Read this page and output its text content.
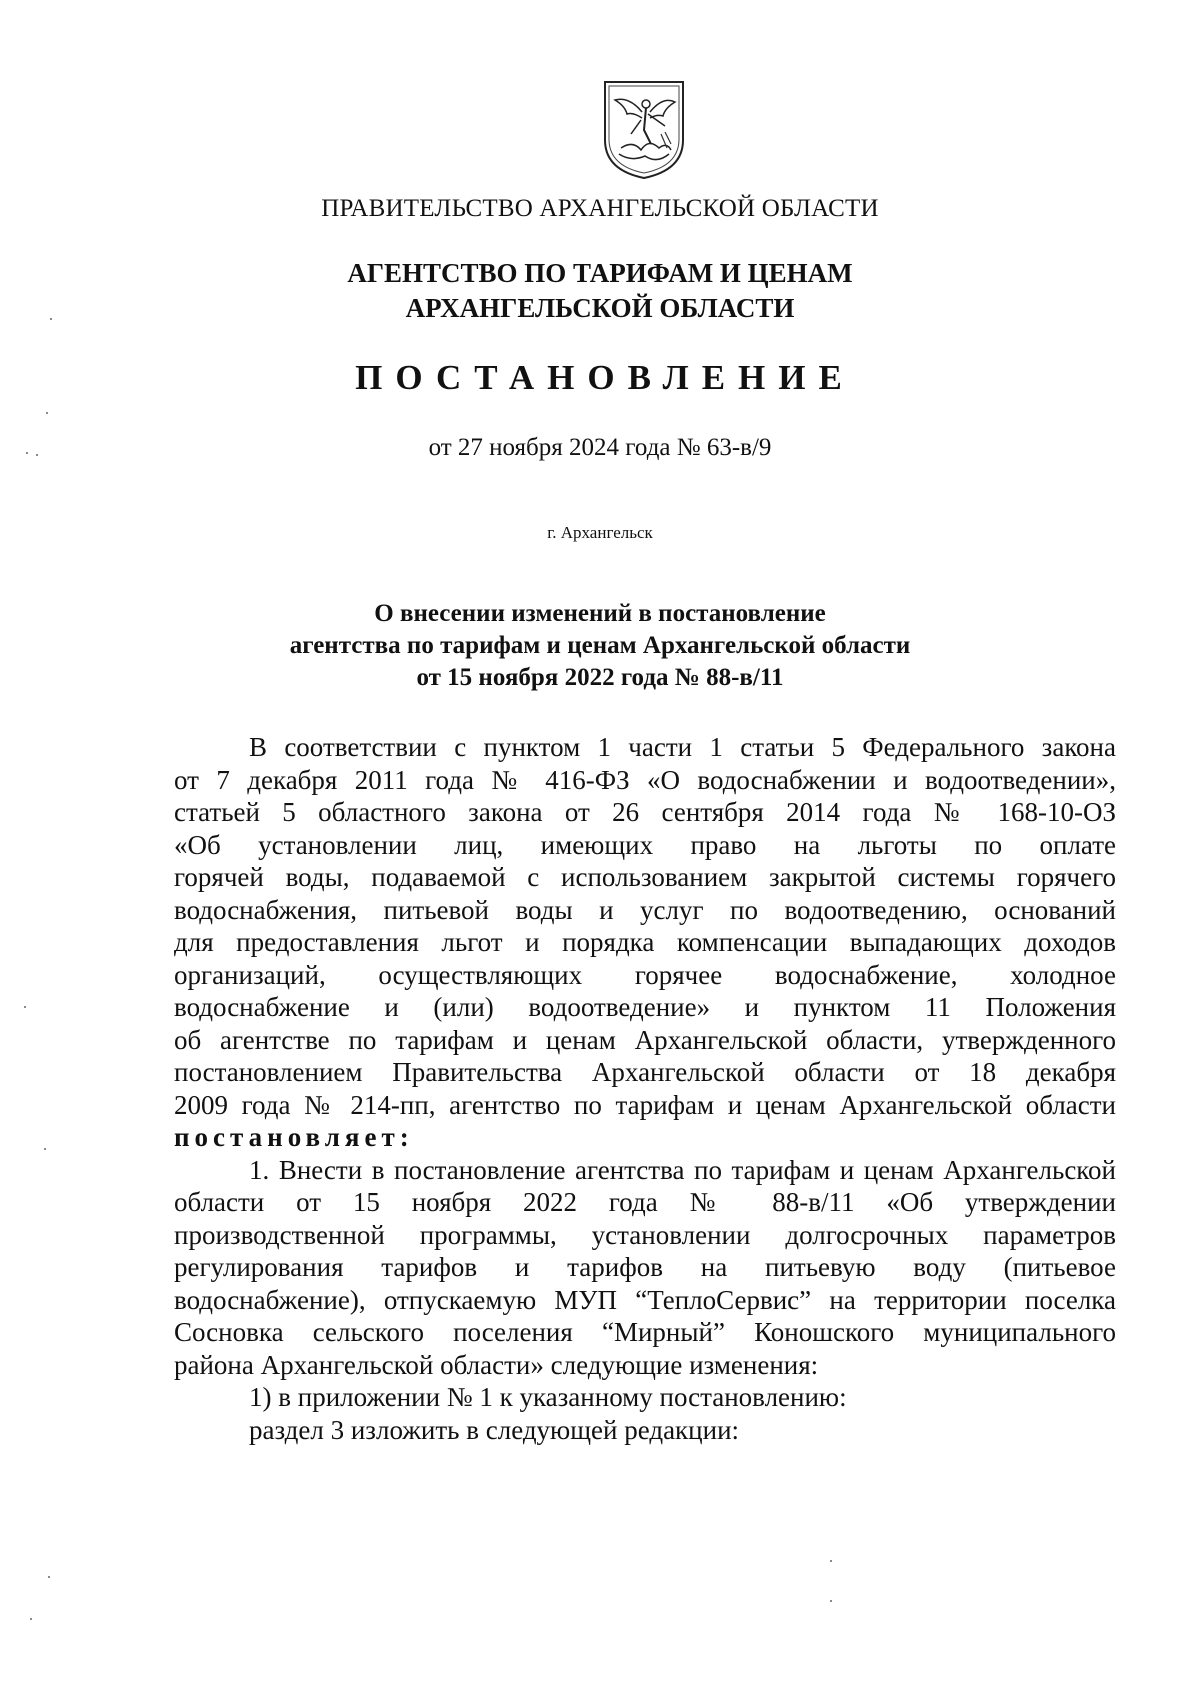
ПРАВИТЕЛЬСТВО АРХАНГЕЛЬСКОЙ ОБЛАСТИ
АГЕНТСТВО ПО ТАРИФАМ И ЦЕНАМ
АРХАНГЕЛЬСКОЙ ОБЛАСТИ
ПОСТАНОВЛЕНИЕ
от 27 ноября 2024 года № 63-в/9
г. Архангельск
О внесении изменений в постановление
агентства по тарифам и ценам Архангельской области
от 15 ноября 2022 года № 88-в/11
В соответствии с пунктом 1 части 1 статьи 5 Федерального закона
от 7 декабря 2011 года № 416-ФЗ «О водоснабжении и водоотведении»,
статьей 5 областного закона от 26 сентября 2014 года № 168-10-ОЗ
«Об установлении лиц, имеющих право на льготы по оплате
горячей воды, подаваемой с использованием закрытой системы горячего
водоснабжения, питьевой воды и услуг по водоотведению, оснований
для предоставления льгот и порядка компенсации выпадающих доходов
организаций, осуществляющих горячее водоснабжение, холодное
водоснабжение и (или) водоотведение» и пунктом 11 Положения
об агентстве по тарифам и ценам Архангельской области, утвержденного
постановлением Правительства Архангельской области от 18 декабря
2009 года № 214-пп, агентство по тарифам и ценам Архангельской области
постановляет:
1. Внести в постановление агентства по тарифам и ценам Архангельской
области от 15 ноября 2022 года № 88-в/11 «Об утверждении
производственной программы, установлении долгосрочных параметров
регулирования тарифов и тарифов на питьевую воду (питьевое
водоснабжение), отпускаемую МУП “ТеплоСервис” на территории поселка
Сосновка сельского поселения “Мирный” Коношского муниципального
района Архангельской области» следующие изменения:
1) в приложении № 1 к указанному постановлению:
раздел 3 изложить в следующей редакции:
